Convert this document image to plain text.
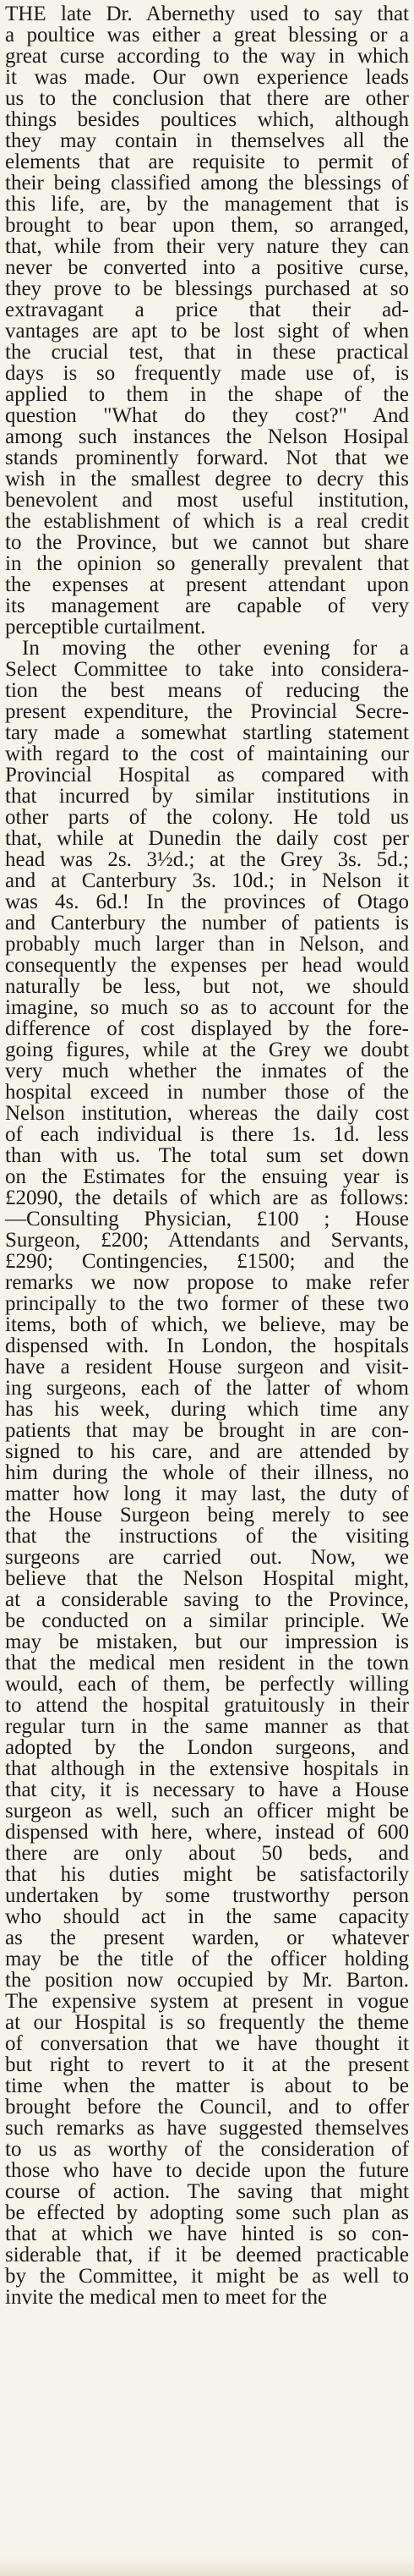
THE late Dr. Abernethy used to say that
a poultice was either a great blessing or a
great curse according to the way in which
it was made. Our own experience leads
us to the conclusion that there are other
things besides poultices which, although
they may contain in themselves all the
elements that are requisite to permit of
their being classified among the blessings of
this life, are, by the management that is
brought to bear upon them, so arranged,
that, while from their very nature they can
never be converted into a positive curse,
they prove to be blessings purchased at so
extravagant a price that their ad-
vantages are apt to be lost sight of when
the crucial test, that in these practical
days is so frequently made use of, is
applied to them in the shape of the
question "What do they cost?" And
among such instances the Nelson Hosipal
stands prominently forward. Not that we
wish in the smallest degree to decry this
benevolent and most useful institution,
the establishment of which is a real credit
to the Province, but we cannot but share
in the opinion so generally prevalent that
the expenses at present attendant upon
its management are capable of very
perceptible curtailment.
In moving the other evening for a
Select Committee to take into considera-
tion the best means of reducing the
present expenditure, the Provincial Secre-
tary made a somewhat startling statement
with regard to the cost of maintaining our
Provincial Hospital as compared with
that incurred by similar institutions in
other parts of the colony. He told us
that, while at Dunedin the daily cost per
head was 2s. 3½d.; at the Grey 3s. 5d.;
and at Canterbury 3s. 10d.; in Nelson it
was 4s. 6d.! In the provinces of Otago
and Canterbury the number of patients is
probably much larger than in Nelson, and
consequently the expenses per head would
naturally be less, but not, we should
imagine, so much so as to account for the
difference of cost displayed by the fore-
going figures, while at the Grey we doubt
very much whether the inmates of the
hospital exceed in number those of the
Nelson institution, whereas the daily cost
of each individual is there 1s. 1d. less
than with us. The total sum set down
on the Estimates for the ensuing year is
£2090, the details of which are as follows:
—Consulting Physician, £100 ; House
Surgeon, £200; Attendants and Servants,
£290; Contingencies, £1500; and the
remarks we now propose to make refer
principally to the two former of these two
items, both of which, we believe, may be
dispensed with. In London, the hospitals
have a resident House surgeon and visit-
ing surgeons, each of the latter of whom
has his week, during which time any
patients that may be brought in are con-
signed to his care, and are attended by
him during the whole of their illness, no
matter how long it may last, the duty of
the House Surgeon being merely to see
that the instructions of the visiting
surgeons are carried out. Now, we
believe that the Nelson Hospital might,
at a considerable saving to the Province,
be conducted on a similar principle. We
may be mistaken, but our impression is
that the medical men resident in the town
would, each of them, be perfectly willing
to attend the hospital gratuitously in their
regular turn in the same manner as that
adopted by the London surgeons, and
that although in the extensive hospitals in
that city, it is necessary to have a House
surgeon as well, such an officer might be
dispensed with here, where, instead of 600
there are only about 50 beds, and
that his duties might be satisfactorily
undertaken by some trustworthy person
who should act in the same capacity
as the present warden, or whatever
may be the title of the officer holding
the position now occupied by Mr. Barton.
The expensive system at present in vogue
at our Hospital is so frequently the theme
of conversation that we have thought it
but right to revert to it at the present
time when the matter is about to be
brought before the Council, and to offer
such remarks as have suggested themselves
to us as worthy of the consideration of
those who have to decide upon the future
course of action. The saving that might
be effected by adopting some such plan as
that at which we have hinted is so con-
siderable that, if it be deemed practicable
by the Committee, it might be as well to
invite the medical men to meet for the
